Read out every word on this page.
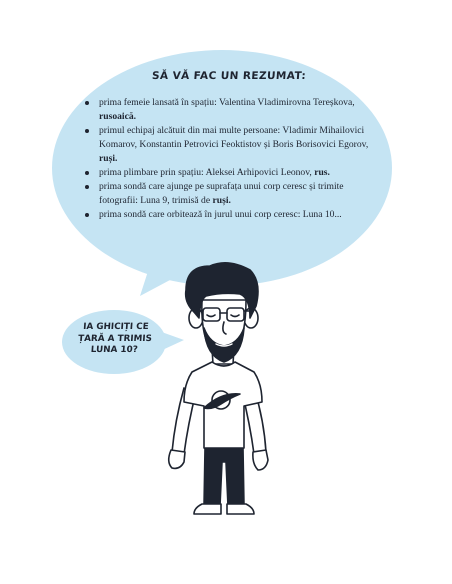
SĂ VĂ FAC UN REZUMAT:
prima femeie lansată în spațiu: Valentina Vladimirovna Tereșkova, rusoaică.
primul echipaj alcătuit din mai multe persoane: Vladimir Mihailovici Komarov, Konstantin Petrovici Feoktistov și Boris Borisovici Egorov, ruși.
prima plimbare prin spațiu: Aleksei Arhipovici Leonov, rus.
prima sondă care ajunge pe suprafața unui corp ceresc și trimite fotografii: Luna 9, trimisă de ruși.
prima sondă care orbitează în jurul unui corp ceresc: Luna 10...
IA GHICIȚI CE ȚARĂ A TRIMIS LUNA 10?
